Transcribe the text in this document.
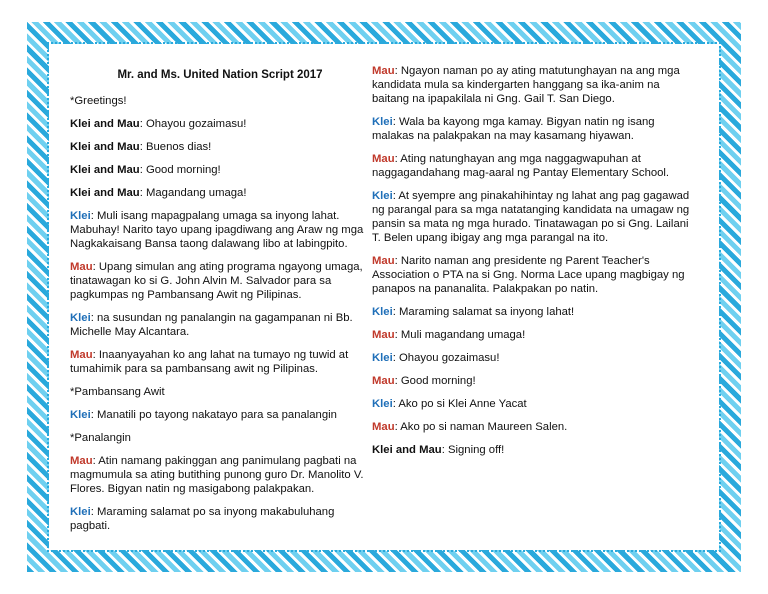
Mr. and Ms. United Nation Script 2017
*Greetings!
Klei and Mau: Ohayou gozaimasu!
Klei and Mau: Buenos dias!
Klei and Mau: Good morning!
Klei and Mau: Magandang umaga!
Klei: Muli isang mapagpalang umaga sa inyong lahat. Mabuhay! Narito tayo upang ipagdiwang ang Araw ng mga Nagkakaisang Bansa taong dalawang libo at labingpito.
Mau: Upang simulan ang ating programa ngayong umaga, tinatawagan ko si G. John Alvin M. Salvador para sa pagkumpas ng Pambansang Awit ng Pilipinas.
Klei: na susundan ng panalangin na gagampanan ni Bb. Michelle May Alcantara.
Mau: Inaanyayahan ko ang lahat na tumayo ng tuwid at tumahimik para sa pambansang awit ng Pilipinas.
*Pambansang Awit
Klei: Manatili po tayong nakatayo para sa panalangin
*Panalangin
Mau: Atin namang pakinggan ang panimulang pagbati na magmumula sa ating butithing punong guro Dr. Manolito V. Flores. Bigyan natin ng masigabong palakpakan.
Klei: Maraming salamat po sa inyong makabuluhang pagbati.
Mau: Ngayon naman po ay ating matutunghayan na ang mga kandidata mula sa kindergarten hanggang sa ika-anim na baitang na ipapakilala ni Gng. Gail T. San Diego.
Klei: Wala ba kayong mga kamay. Bigyan natin ng isang malakas na palakpakan na may kasamang hiyawan.
Mau: Ating natunghayan ang mga naggagwapuhan at naggagandahang mag-aaral ng Pantay Elementary School.
Klei: At syempre ang pinakahihintay ng lahat ang pag gagawad ng parangal para sa mga natatanging kandidata na umagaw ng pansin sa mata ng mga hurado. Tinatawagan po si Gng. Lailani T. Belen upang ibigay ang mga parangal na ito.
Mau: Narito naman ang presidente ng Parent Teacher's Association o PTA na si Gng. Norma Lace upang magbigay ng panapos na pananalita. Palakpakan po natin.
Klei: Maraming salamat sa inyong lahat!
Mau: Muli magandang umaga!
Klei: Ohayou gozaimasu!
Mau: Good morning!
Klei: Ako po si Klei Anne Yacat
Mau: Ako po si naman Maureen Salen.
Klei and Mau: Signing off!
